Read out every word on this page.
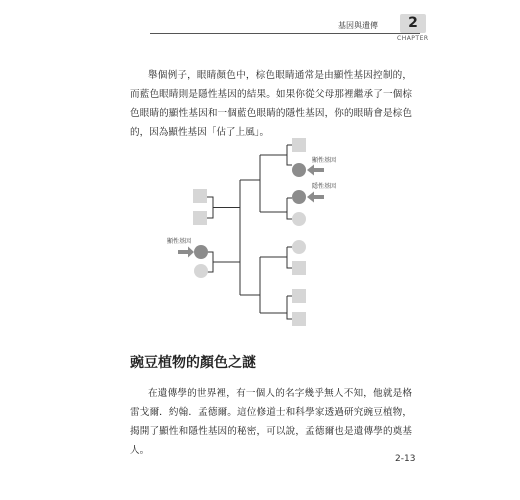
基因與遺傳	2
CHAPTER

舉個例子，眼睛顏色中，棕色眼睛通常是由顯性基因控制的，而藍色眼睛則是隱性基因的結果。如果你從父母那裡繼承了一個棕色眼睛的顯性基因和一個藍色眼睛的隱性基因，你的眼睛會是棕色的，因為顯性基因「佔了上風」。

顯性基因
顯性基因
隱性基因
豌豆植物的顏色之謎

在遺傳學的世界裡，有一個人的名字幾乎無人不知，他就是格雷戈爾．約翰．孟德爾。這位修道士和科學家透過研究豌豆植物，揭開了顯性和隱性基因的秘密，可以說，孟德爾也是遺傳學的奠基人。

2-13
